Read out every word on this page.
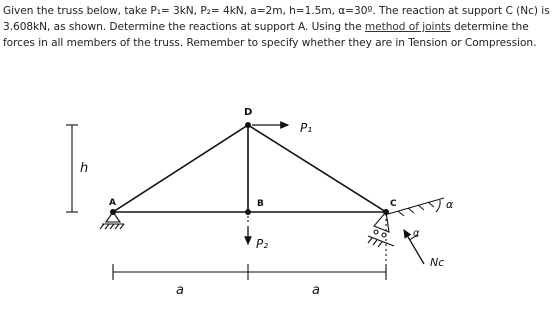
Given the truss below, take P₁= 3kN, P₂= 4kN, a=2m, h=1.5m, α=30º. The reaction at support C (Nc) is
3.608kN, as shown. Determine the reactions at support A. Using the method of joints determine the
forces in all members of the truss. Remember to specify whether they are in Tension or Compression.
D
A	B	C
P₁
P₂
α
α
Nc
h
a	a
